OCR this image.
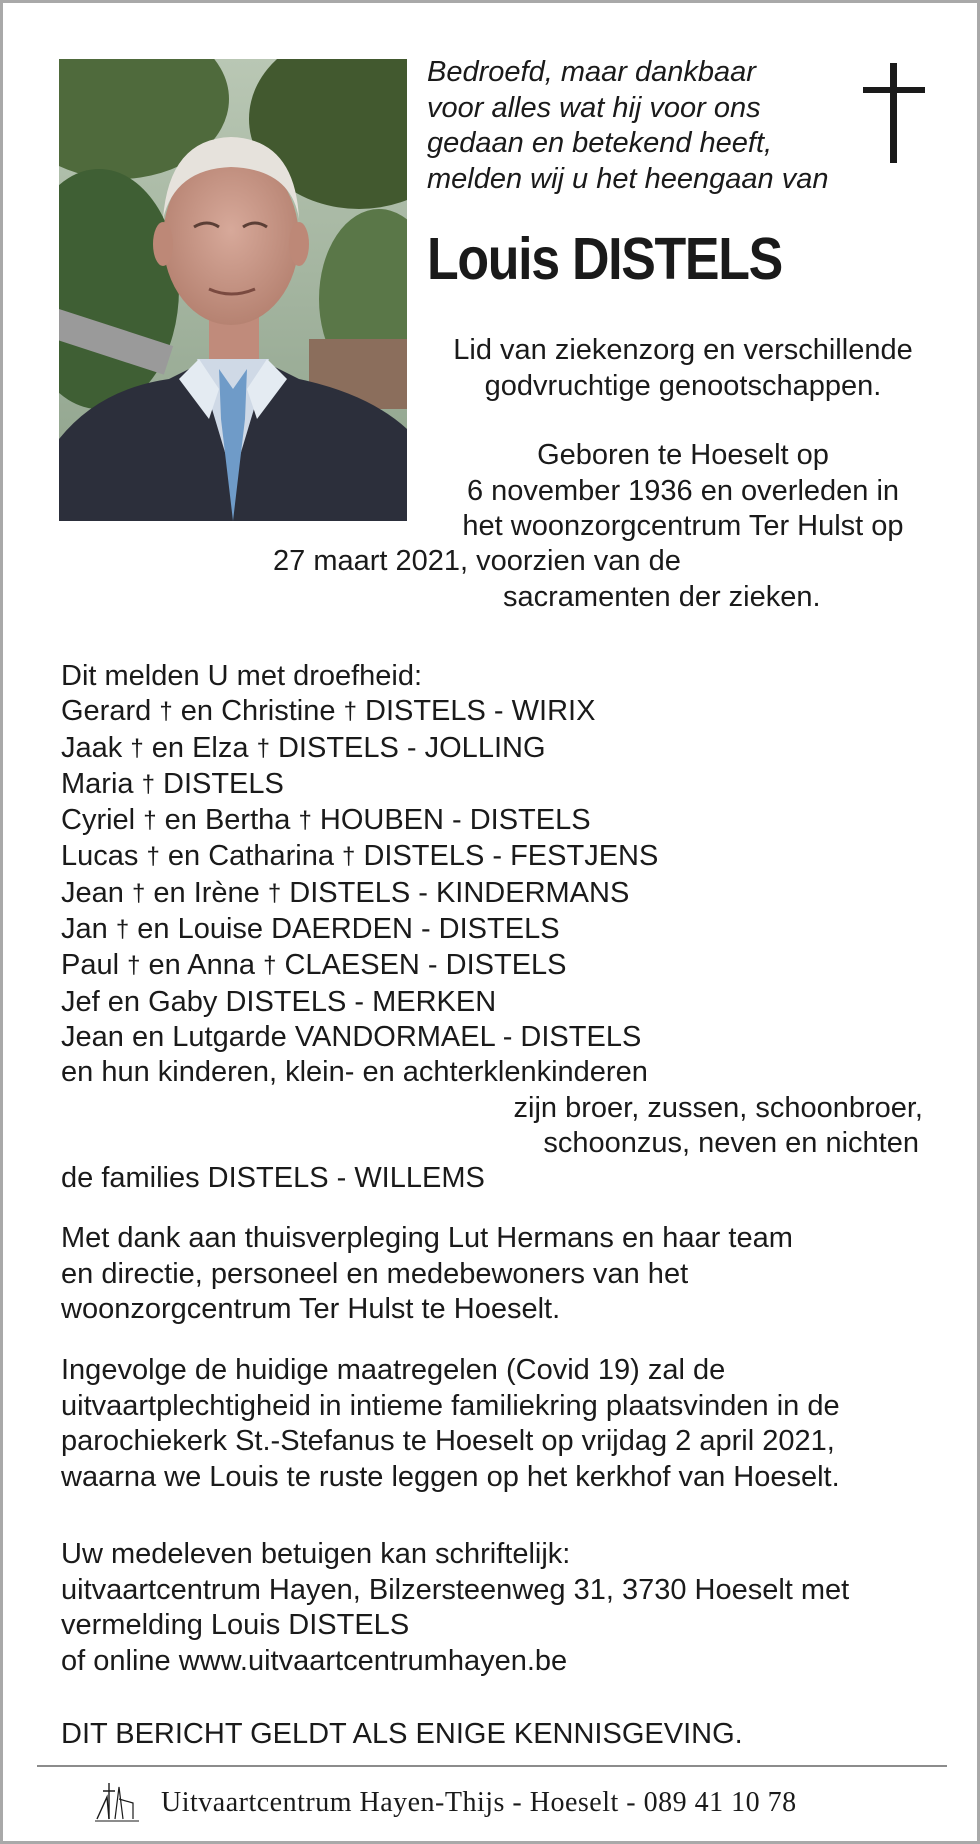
Bedroefd, maar dankbaar
voor alles wat hij voor ons
gedaan en betekend heeft,
melden wij u het heengaan van
Louis DISTELS
Lid van ziekenzorg en verschillende
godvruchtige genootschappen.
Geboren te Hoeselt op
6 november 1936 en overleden in
het woonzorgcentrum Ter Hulst op
27 maart 2021, voorzien van de
sacramenten der zieken.
Dit melden U met droefheid:
Gerard † en Christine † DISTELS - WIRIX
Jaak † en Elza † DISTELS - JOLLING
Maria † DISTELS
Cyriel † en Bertha † HOUBEN - DISTELS
Lucas † en Catharina † DISTELS - FESTJENS
Jean † en Irène † DISTELS - KINDERMANS
Jan † en Louise DAERDEN - DISTELS
Paul † en Anna † CLAESEN - DISTELS
Jef en Gaby DISTELS - MERKEN
Jean en Lutgarde VANDORMAEL - DISTELS
en hun kinderen, klein- en achterklenkinderen
zijn broer, zussen, schoonbroer,
schoonzus, neven en nichten
de families DISTELS - WILLEMS
Met dank aan thuisverpleging Lut Hermans en haar team
en directie, personeel en medebewoners van het
woonzorgcentrum Ter Hulst te Hoeselt.
Ingevolge de huidige maatregelen (Covid 19) zal de
uitvaartplechtigheid in intieme familiekring plaatsvinden in de
parochiekerk St.-Stefanus te Hoeselt op vrijdag 2 april 2021,
waarna we Louis te ruste leggen op het kerkhof van Hoeselt.
Uw medeleven betuigen kan schriftelijk:
uitvaartcentrum Hayen, Bilzersteenweg 31, 3730 Hoeselt met
vermelding Louis DISTELS
of online www.uitvaartcentrumhayen.be
DIT BERICHT GELDT ALS ENIGE KENNISGEVING.
Uitvaartcentrum Hayen-Thijs - Hoeselt - 089 41 10 78
